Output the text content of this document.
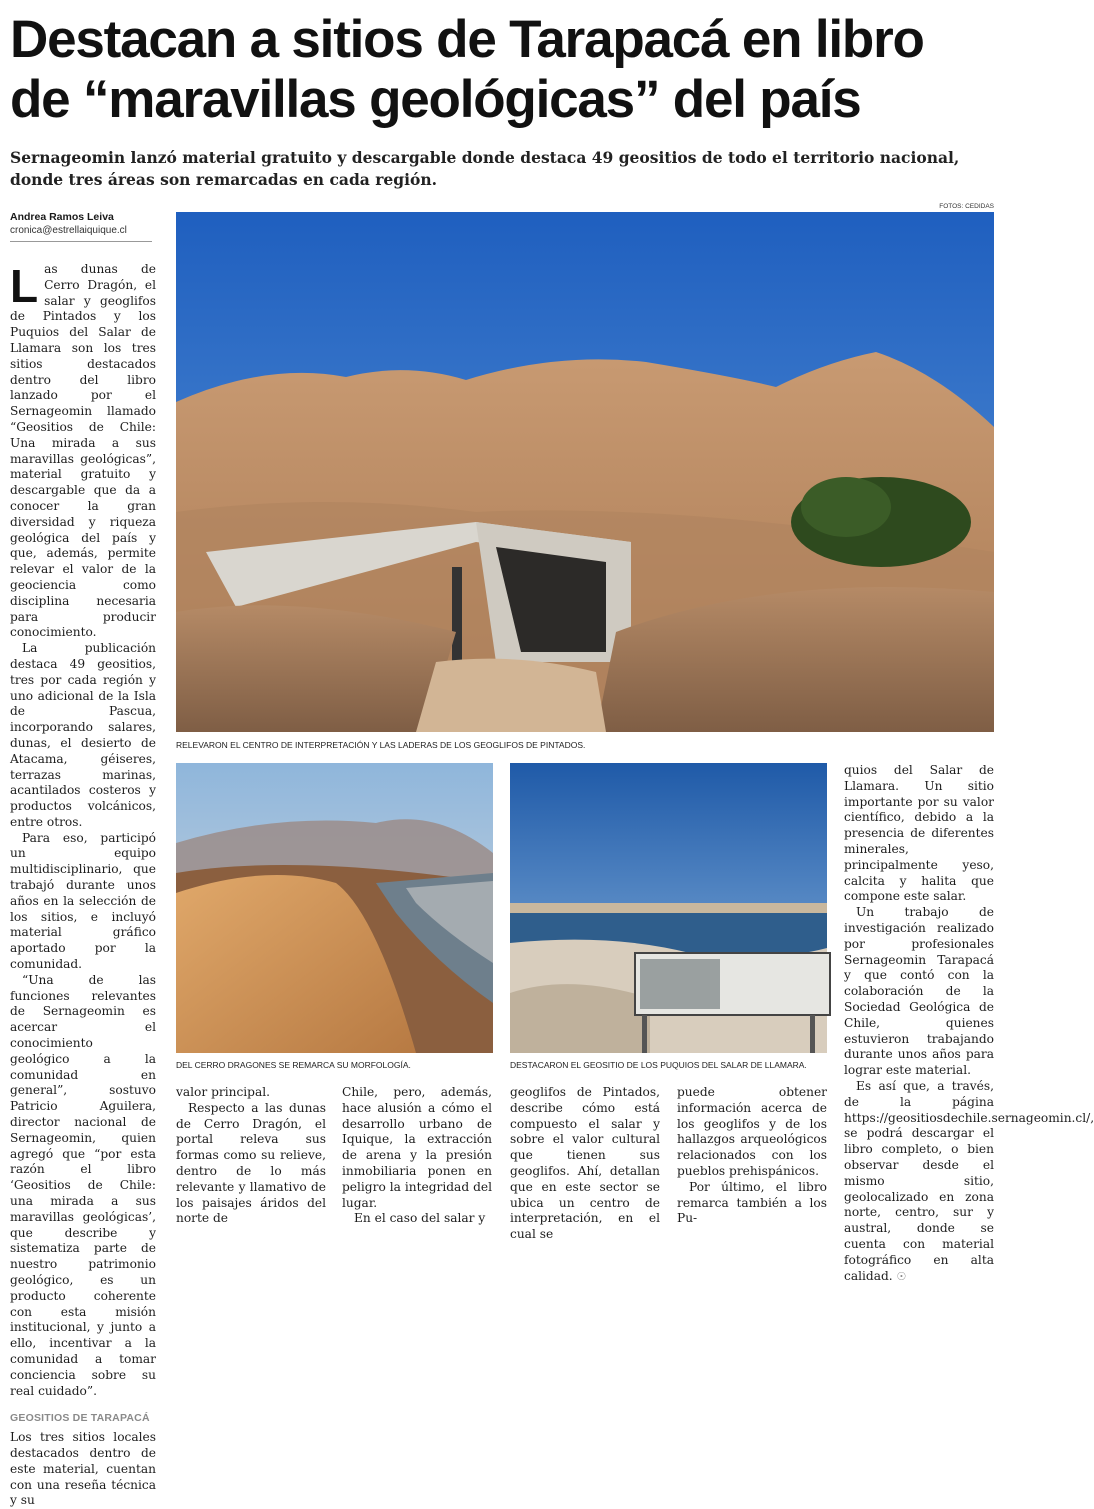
Destacan a sitios de Tarapacá en libro de “maravillas geológicas” del país

Sernageomin lanzó material gratuito y descargable donde destaca 49 geositios de todo el territorio nacional, donde tres áreas son remarcadas en cada región.

Andrea Ramos Leiva
cronica@estrellaiquique.cl
FOTOS: CEDIDAS
RELEVARON EL CENTRO DE INTERPRETACIÓN Y LAS LADERAS DE LOS GEOGLIFOS DE PINTADOS.
DEL CERRO DRAGONES SE REMARCA SU MORFOLOGÍA.	DESTACARON EL GEOSITIO DE LOS PUQUIOS DEL SALAR DE LLAMARA.

Las dunas de Cerro Dragón, el salar y geoglifos de Pintados y los Puquios del Salar de Llamara son los tres sitios destacados dentro del libro lanzado por el Sernageomin llamado “Geositios de Chile: Una mirada a sus maravillas geológicas”, material gratuito y descargable que da a conocer la gran diversidad y riqueza geológica del país y que, además, permite relevar el valor de la geociencia como disciplina necesaria para producir conocimiento.

La publicación destaca 49 geositios, tres por cada región y uno adicional de la Isla de Pascua, incorporando salares, dunas, el desierto de Atacama, géiseres, terrazas marinas, acantilados costeros y productos volcánicos, entre otros.

Para eso, participó un equipo multidisciplinario, que trabajó durante unos años en la selección de los sitios, e incluyó material gráfico aportado por la comunidad.

“Una de las funciones relevantes de Sernageomin es acercar el conocimiento geológico a la comunidad en general”, sostuvo Patricio Aguilera, director nacional de Sernageomin, quien agregó que “por esta razón el libro ‘Geositios de Chile: una mirada a sus maravillas geológicas’, que describe y sistematiza parte de nuestro patrimonio geológico, es un producto coherente con esta misión institucional, y junto a ello, incentivar a la comunidad a tomar conciencia sobre su real cuidado”.

GEOSITIOS DE TARAPACÁ

Los tres sitios locales destacados dentro de este material, cuentan con una reseña técnica y su

valor principal.

Respecto a las dunas de Cerro Dragón, el portal releva sus formas como su relieve, dentro de lo más relevante y llamativo de los paisajes áridos del norte de

Chile, pero, además, hace alusión a cómo el desarrollo urbano de Iquique, la extracción de arena y la presión inmobiliaria ponen en peligro la integridad del lugar.

En el caso del salar y

geoglifos de Pintados, describe cómo está compuesto el salar y sobre el valor cultural que tienen sus geoglifos. Ahí, detallan que en este sector se ubica un centro de interpretación, en el cual se

puede obtener información acerca de los geoglifos y de los hallazgos arqueológicos relacionados con los pueblos prehispánicos.

Por último, el libro remarca también a los Pu-

quios del Salar de Llamara. Un sitio importante por su valor científico, debido a la presencia de diferentes minerales, principalmente yeso, calcita y halita que compone este salar.

Un trabajo de investigación realizado por profesionales Sernageomin Tarapacá y que contó con la colaboración de la Sociedad Geológica de Chile, quienes estuvieron trabajando durante unos años para lograr este material.

Es así que, a través, de la página https://geositiosdechile.sernageomin.cl/, se podrá descargar el libro completo, o bien observar desde el mismo sitio, geolocalizado en zona norte, centro, sur y austral, donde se cuenta con material fotográfico en alta calidad. ☉
